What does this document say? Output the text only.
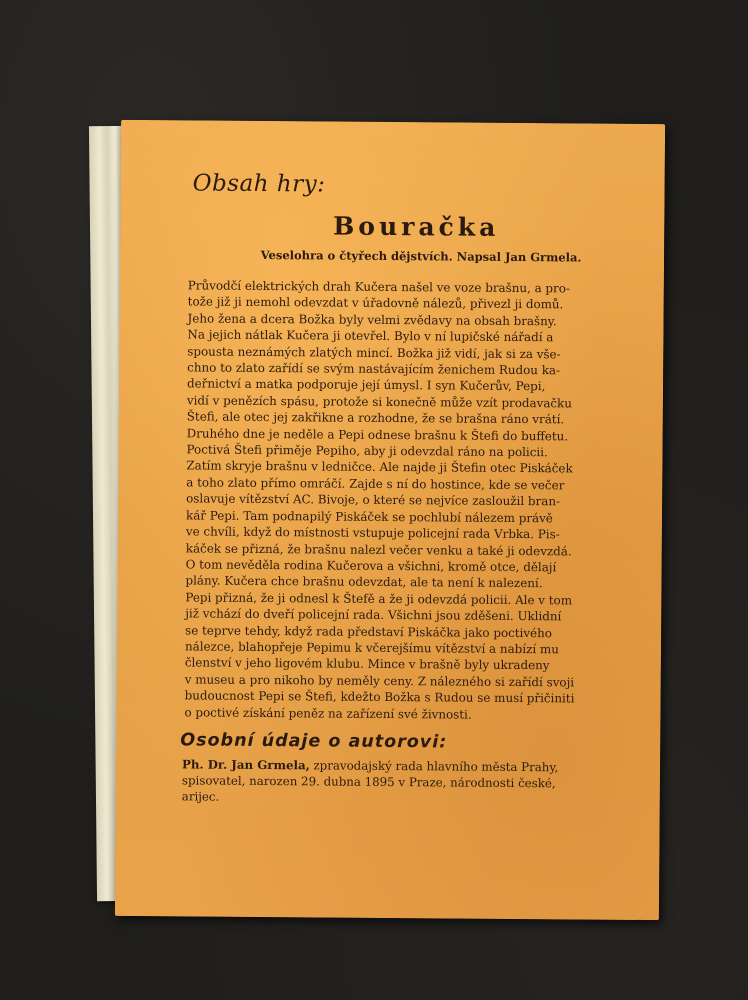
Obsah hry:
Bouračka
Veselohra o čtyřech dějstvích. Napsal Jan Grmela.
Průvodčí elektrických drah Kučera našel ve voze brašnu, a pro-
tože již ji nemohl odevzdat v úřadovně nálezů, přivezl ji domů.
Jeho žena a dcera Božka byly velmi zvědavy na obsah brašny.
Na jejich nátlak Kučera ji otevřel. Bylo v ní lupičské nářadí a
spousta neznámých zlatých mincí. Božka již vidí, jak si za vše-
chno to zlato zařídí se svým nastávajícím ženichem Rudou ka-
deřnictví a matka podporuje její úmysl. I syn Kučerův, Pepi,
vidí v penězích spásu, protože si konečně může vzít prodavačku
Štefi, ale otec jej zakřikne a rozhodne, že se brašna ráno vrátí.
Druhého dne je neděle a Pepi odnese brašnu k Štefi do buffetu.
Poctivá Štefi přiměje Pepiho, aby ji odevzdal ráno na policii.
Zatím skryje brašnu v ledničce. Ale najde ji Štefin otec Piskáček
a toho zlato přímo omráčí. Zajde s ní do hostince, kde se večer
oslavuje vítězství AC. Bivoje, o které se nejvíce zasloužil bran-
kář Pepi. Tam podnapilý Piskáček se pochlubí nálezem právě
ve chvíli, když do místnosti vstupuje policejní rada Vrbka. Pis-
káček se přizná, že brašnu nalezl večer venku a také ji odevzdá.
O tom nevěděla rodina Kučerova a všichni, kromě otce, dělají
plány. Kučera chce brašnu odevzdat, ale ta není k nalezení.
Pepi přizná, že ji odnesl k Štefě a že ji odevzdá policii. Ale v tom
již vchází do dveří policejní rada. Všichni jsou zděšeni. Uklidní
se teprve tehdy, když rada představí Piskáčka jako poctivého
nálezce, blahopřeje Pepimu k včerejšímu vítězství a nabízí mu
členství v jeho ligovém klubu. Mince v brašně byly ukradeny
v museu a pro nikoho by neměly ceny. Z nálezného si zařídí svoji
budoucnost Pepi se Štefi, kdežto Božka s Rudou se musí přičiniti
o poctivé získání peněz na zařízení své živnosti.
Osobní údaje o autorovi:
Ph. Dr. Jan Grmela, zpravodajský rada hlavního města Prahy,
spisovatel, narozen 29. dubna 1895 v Praze, národnosti české,
arijec.
